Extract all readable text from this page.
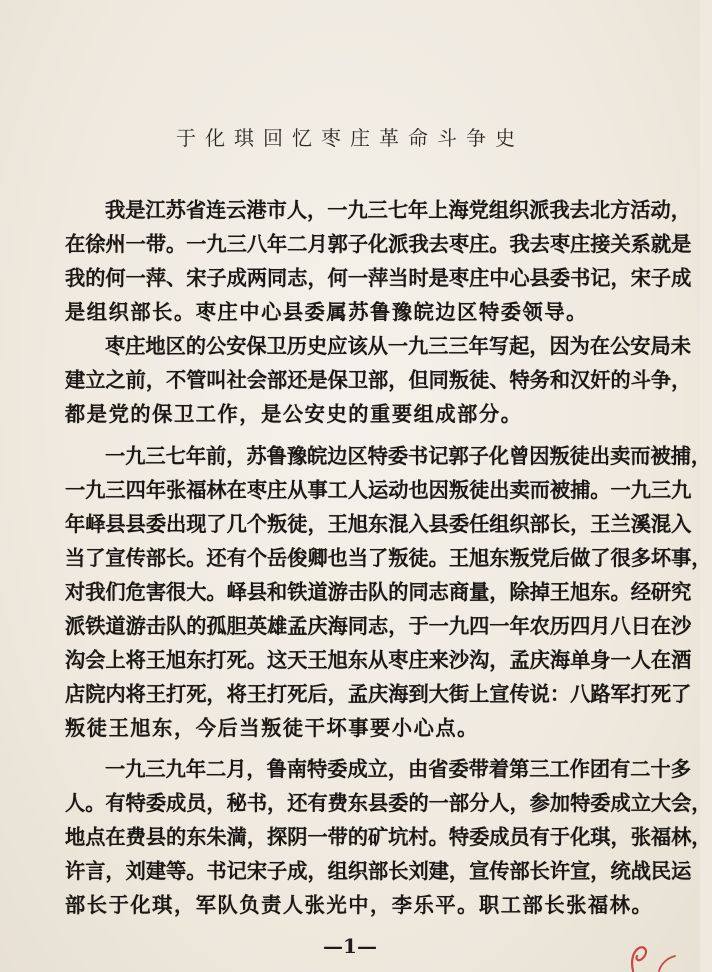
于化琪回忆枣庄革命斗争史
我 是 江 苏 省 连 云 港 市 人 ， 一 九 三 七 年 上 海 党 组 织 派 我 去 北 方 活 动 ，
在 徐 州 一 带 。 一 九 三 八 年 二 月 郭 子 化 派 我 去 枣 庄 。 我 去 枣 庄 接 关 系 就 是
我 的 何 一 萍 、 宋 子 成 两 同 志 ， 何 一 萍 当 时 是 枣 庄 中 心 县 委 书 记 ， 宋 子 成
是组织部长。枣庄中心县委属苏鲁豫皖边区特委领导。
枣 庄 地 区 的 公 安 保 卫 历 史 应 该 从 一 九 三 三 年 写 起 ， 因 为 在 公 安 局 未
建 立 之 前 ， 不 管 叫 社 会 部 还 是 保 卫 部 ， 但 同 叛 徒 、 特 务 和 汉 奸 的 斗 争 ，
都是党的保卫工作，是公安史的重要组成部分。
一 九 三 七 年 前 ， 苏 鲁 豫 皖 边 区 特 委 书 记 郭 子 化 曾 因 叛 徒 出 卖 而 被 捕 ，
一 九 三 四 年 张 福 林 在 枣 庄 从 事 工 人 运 动 也 因 叛 徒 出 卖 而 被 捕 。 一 九 三 九
年 峄 县 县 委 出 现 了 几 个 叛 徒 ， 王 旭 东 混 入 县 委 任 组 织 部 长 ， 王 兰 溪 混 入
当 了 宣 传 部 长 。 还 有 个 岳 俊 卿 也 当 了 叛 徒 。 王 旭 东 叛 党 后 做 了 很 多 坏 事 ，
对 我 们 危 害 很 大 。 峄 县 和 铁 道 游 击 队 的 同 志 商 量 ， 除 掉 王 旭 东 。 经 研 究
派 铁 道 游 击 队 的 孤 胆 英 雄 孟 庆 海 同 志 ， 于 一 九 四 一 年 农 历 四 月 八 日 在 沙
沟 会 上 将 王 旭 东 打 死 。 这 天 王 旭 东 从 枣 庄 来 沙 沟 ， 孟 庆 海 单 身 一 人 在 酒
店 院 内 将 王 打 死 ， 将 王 打 死 后 ， 孟 庆 海 到 大 街 上 宣 传 说 ： 八 路 军 打 死 了
叛徒王旭东，今后当叛徒干坏事要小心点。
一 九 三 九 年 二 月 ， 鲁 南 特 委 成 立 ， 由 省 委 带 着 第 三 工 作 团 有 二 十 多
人 。 有 特 委 成 员 ， 秘 书 ， 还 有 费 东 县 委 的 一 部 分 人 ， 参 加 特 委 成 立 大 会 ，
地 点 在 费 县 的 东 朱 満 ， 探 阴 一 带 的 矿 坑 村 。 特 委 成 员 有 于 化 琪 ， 张 福 林 ，
许 言 ， 刘 建 等 。 书 记 宋 子 成 ， 组 织 部 长 刘 建 ， 宣 传 部 长 许 宣 ， 统 战 民 运
部长于化琪，军队负责人张光中，李乐平。职工部长张福林。
—1—
